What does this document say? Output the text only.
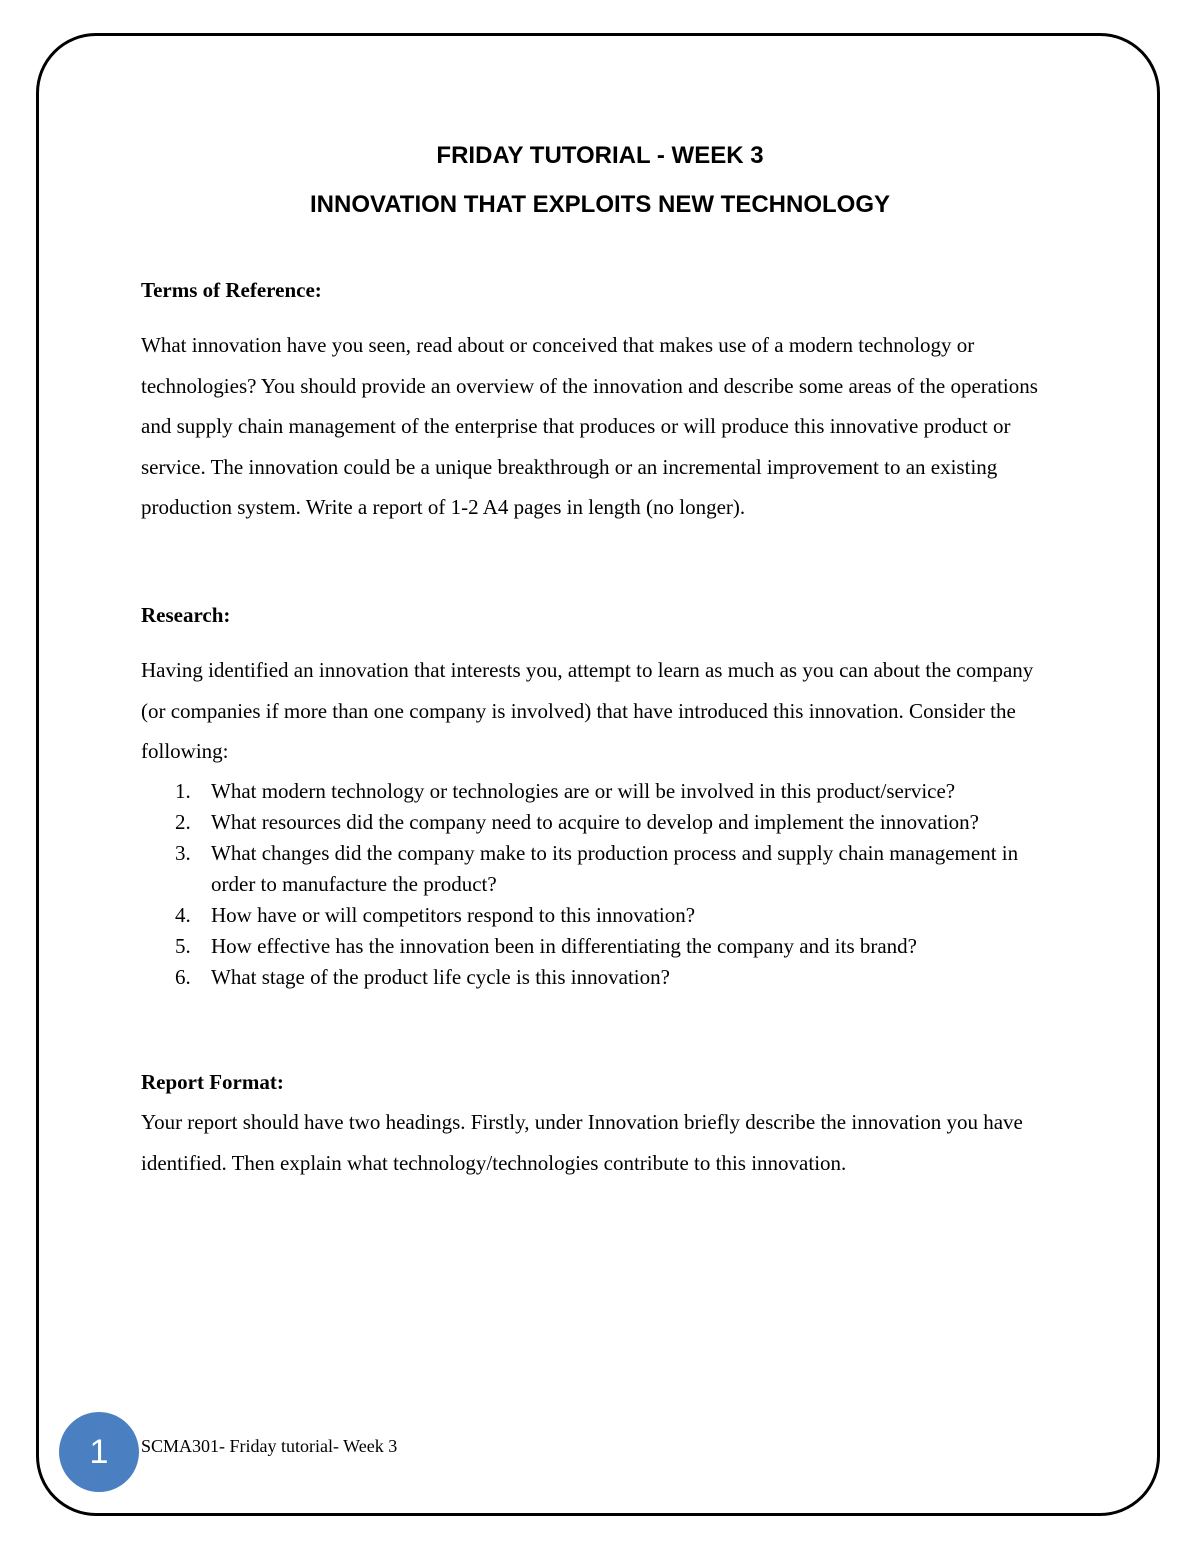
FRIDAY TUTORIAL - WEEK 3
INNOVATION THAT EXPLOITS NEW TECHNOLOGY
Terms of Reference:

What innovation have you seen, read about or conceived that makes use of a modern technology or technologies? You should provide an overview of the innovation and describe some areas of the operations and supply chain management of the enterprise that produces or will produce this innovative product or service. The innovation could be a unique breakthrough or an incremental improvement to an existing production system. Write a report of 1-2 A4 pages in length (no longer).

Research:

Having identified an innovation that interests you, attempt to learn as much as you can about the company (or companies if more than one company is involved) that have introduced this innovation. Consider the following:

1. What modern technology or technologies are or will be involved in this product/service?
2. What resources did the company need to acquire to develop and implement the innovation?
3. What changes did the company make to its production process and supply chain management in order to manufacture the product?
4. How have or will competitors respond to this innovation?
5. How effective has the innovation been in differentiating the company and its brand?
6. What stage of the product life cycle is this innovation?
Report Format:

Your report should have two headings. Firstly, under Innovation briefly describe the innovation you have identified. Then explain what technology/technologies contribute to this innovation.

1	SCMA301- Friday tutorial- Week 3
